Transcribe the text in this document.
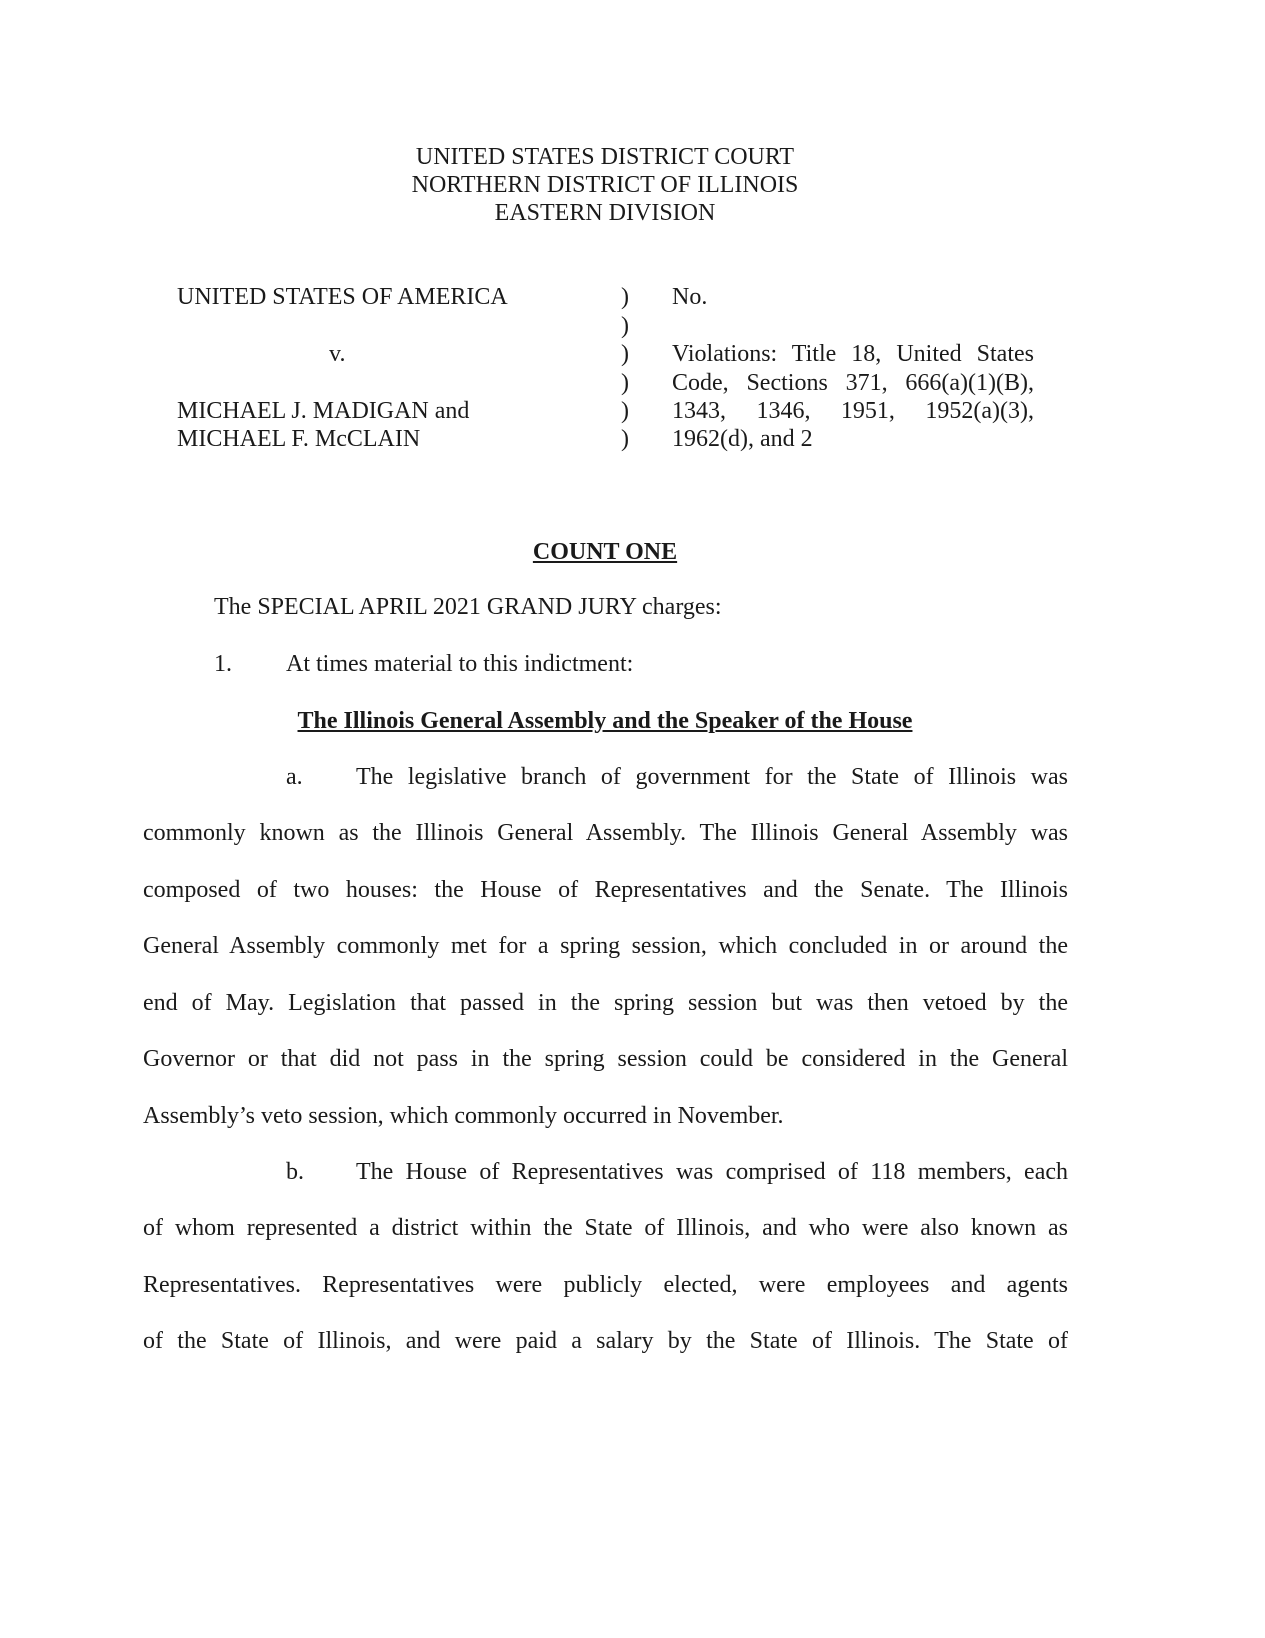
UNITED STATES DISTRICT COURT
NORTHERN DISTRICT OF ILLINOIS
EASTERN DIVISION
UNITED STATES OF AMERICA
v.
MICHAEL J. MADIGAN and
MICHAEL F. McCLAIN
)
)
)
)
)
)
No.
Violations: Title 18, United States
Code,  Sections  371,  666(a)(1)(B),
1343,     1346,     1951,     1952(a)(3),
1962(d), and 2
COUNT ONE
The SPECIAL APRIL 2021 GRAND JURY charges:
1. At times material to this indictment:
The Illinois General Assembly and the Speaker of the House
a. The legislative branch of government for the State of Illinois was
commonly known as the Illinois General Assembly. The Illinois General Assembly was
composed of two houses: the House of Representatives and the Senate. The Illinois
General Assembly commonly met for a spring session, which concluded in or around the
end of May. Legislation that passed in the spring session but was then vetoed by the
Governor or that did not pass in the spring session could be considered in the General
Assembly’s veto session, which commonly occurred in November.
b. The House of Representatives was comprised of 118 members, each
of whom represented a district within the State of Illinois, and who were also known as
Representatives. Representatives were publicly elected, were employees and agents
of the State of Illinois, and were paid a salary by the State of Illinois. The State of
